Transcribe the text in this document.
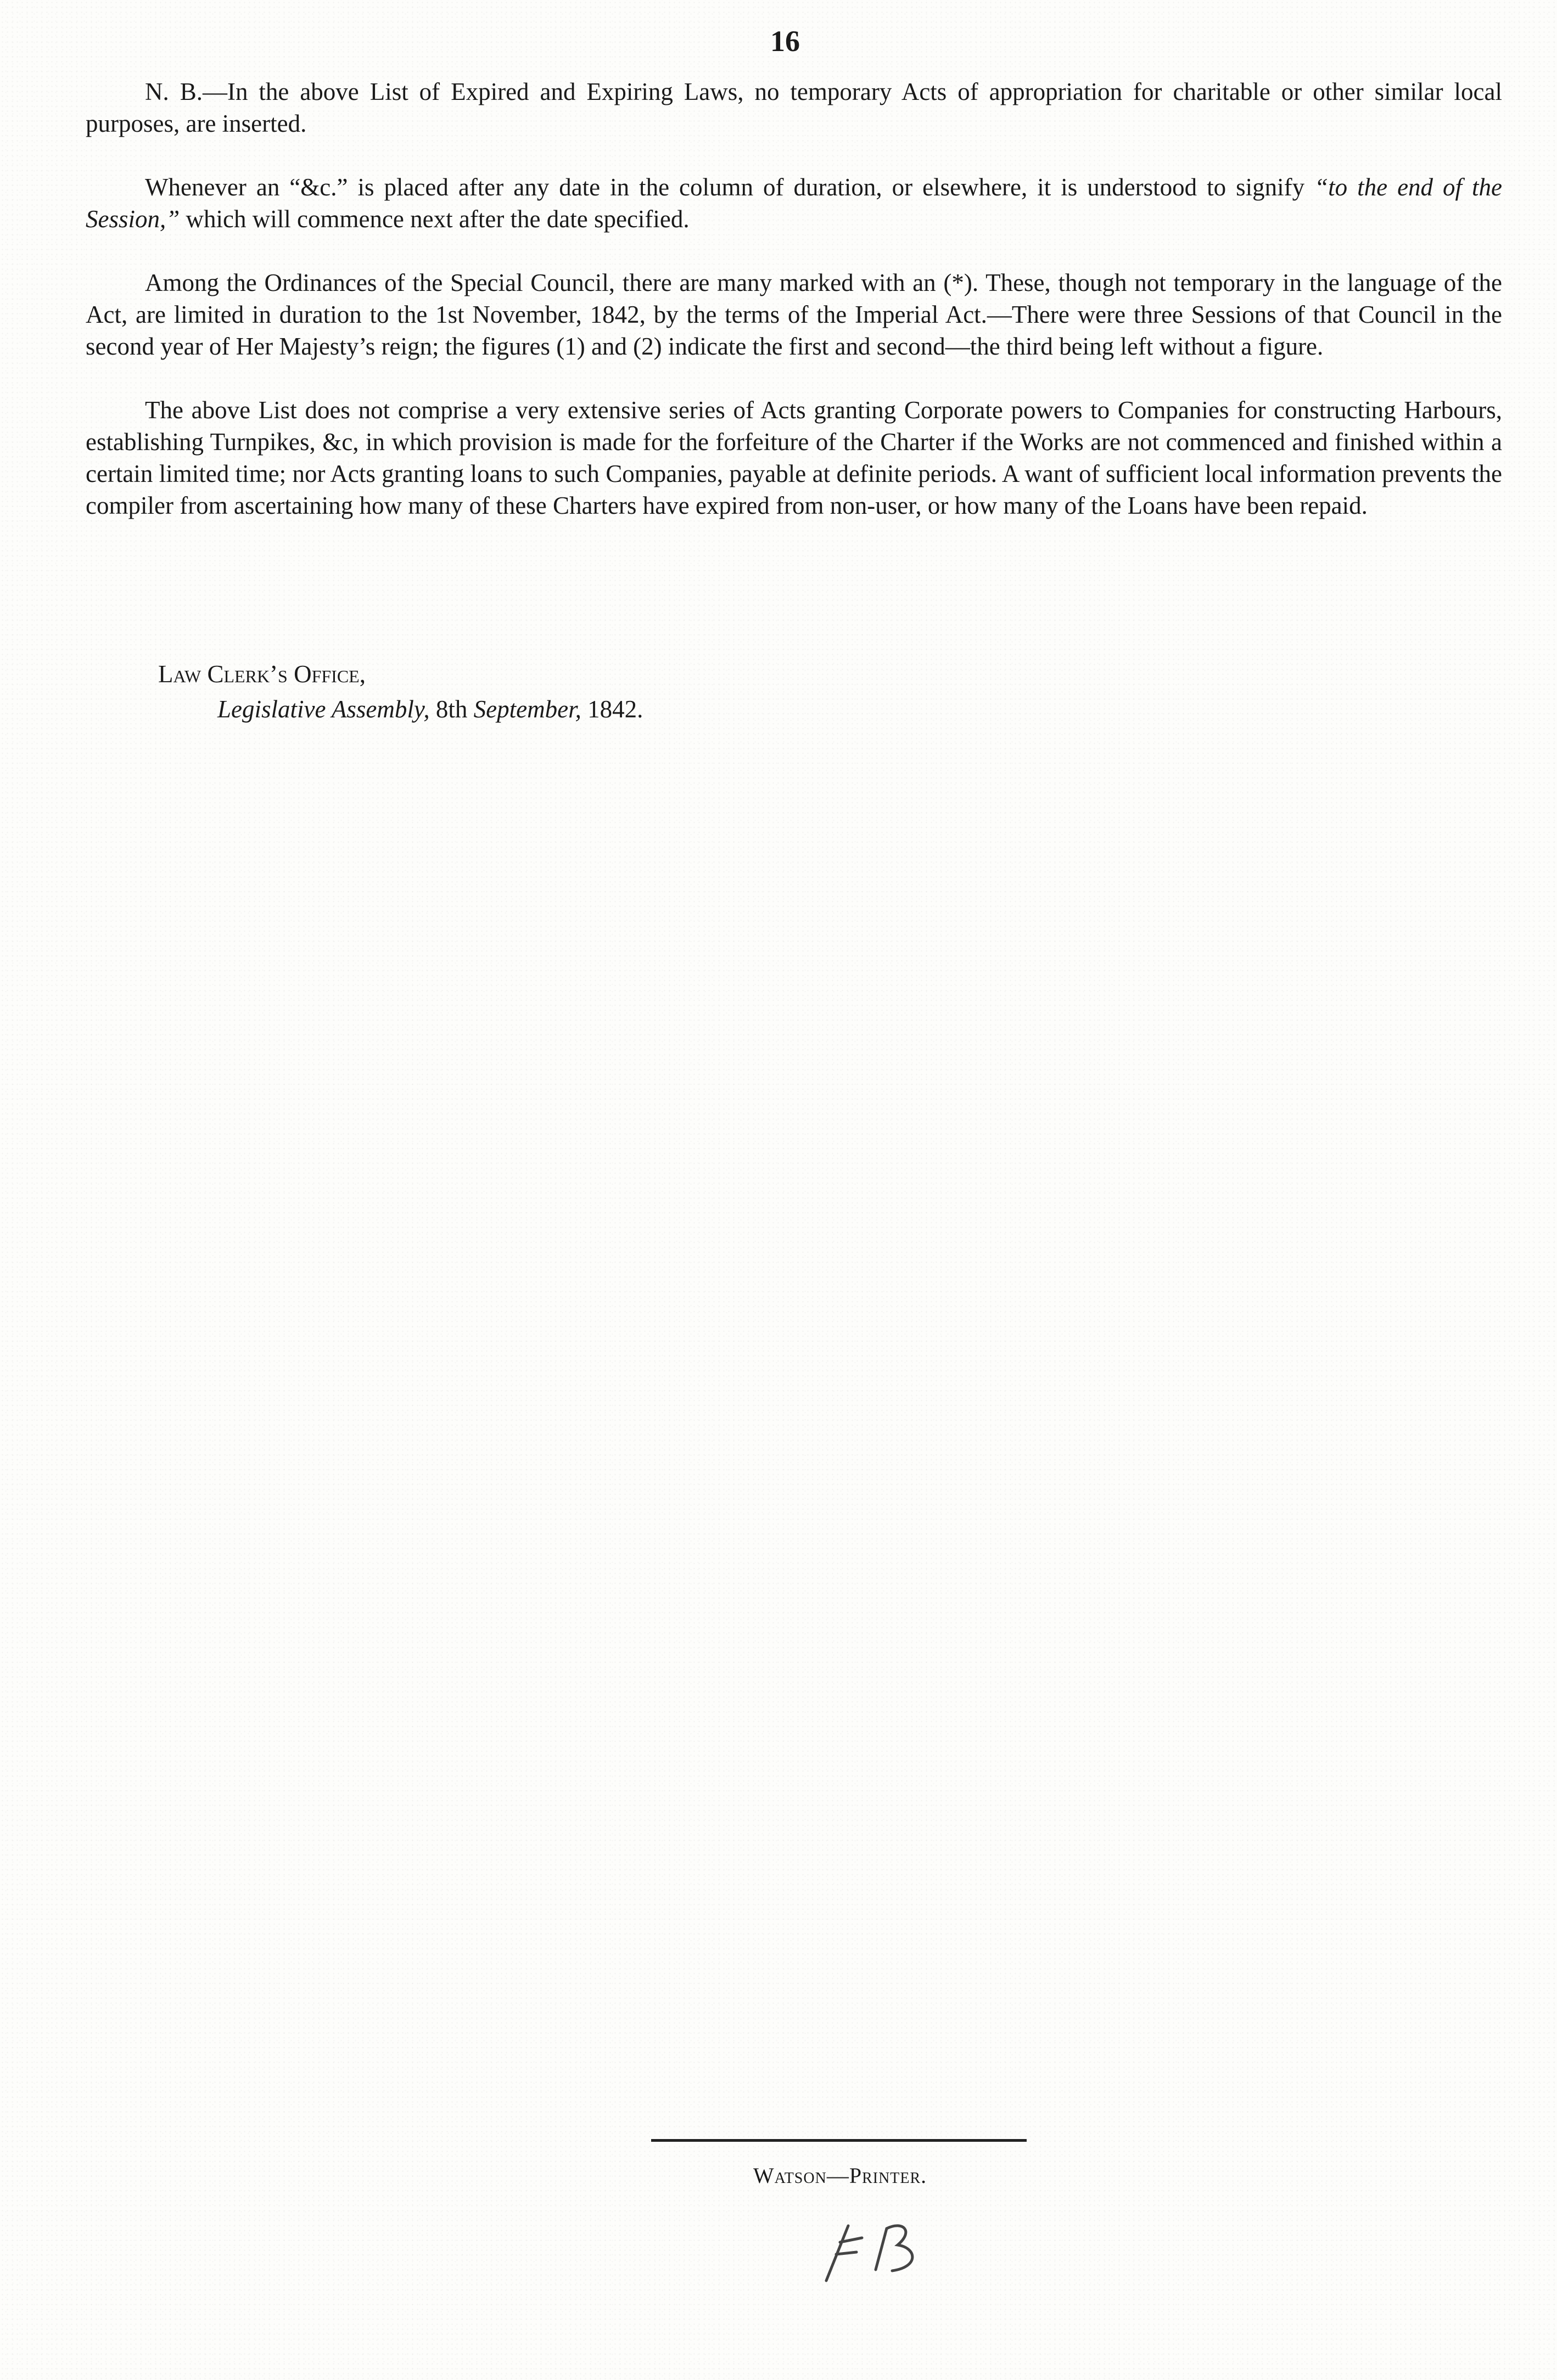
16

N. B.—In the above List of Expired and Expiring Laws, no temporary Acts of appropriation for charitable or other similar local purposes, are inserted.

Whenever an “&c.” is placed after any date in the column of duration, or elsewhere, it is understood to signify “to the end of the Session,” which will commence next after the date specified.

Among the Ordinances of the Special Council, there are many marked with an (*). These, though not temporary in the language of the Act, are limited in duration to the 1st November, 1842, by the terms of the Imperial Act.—There were three Sessions of that Council in the second year of Her Majesty’s reign; the figures (1) and (2) indicate the first and second—the third being left without a figure.

The above List does not comprise a very extensive series of Acts granting Corporate powers to Companies for constructing Harbours, establishing Turnpikes, &c, in which provision is made for the forfeiture of the Charter if the Works are not commenced and finished within a certain limited time; nor Acts granting loans to such Companies, payable at definite periods. A want of sufficient local information prevents the compiler from ascertaining how many of these Charters have expired from non-user, or how many of the Loans have been repaid.

Law Clerk’s Office,
Legislative Assembly, 8th September, 1842.
Watson—Printer.
